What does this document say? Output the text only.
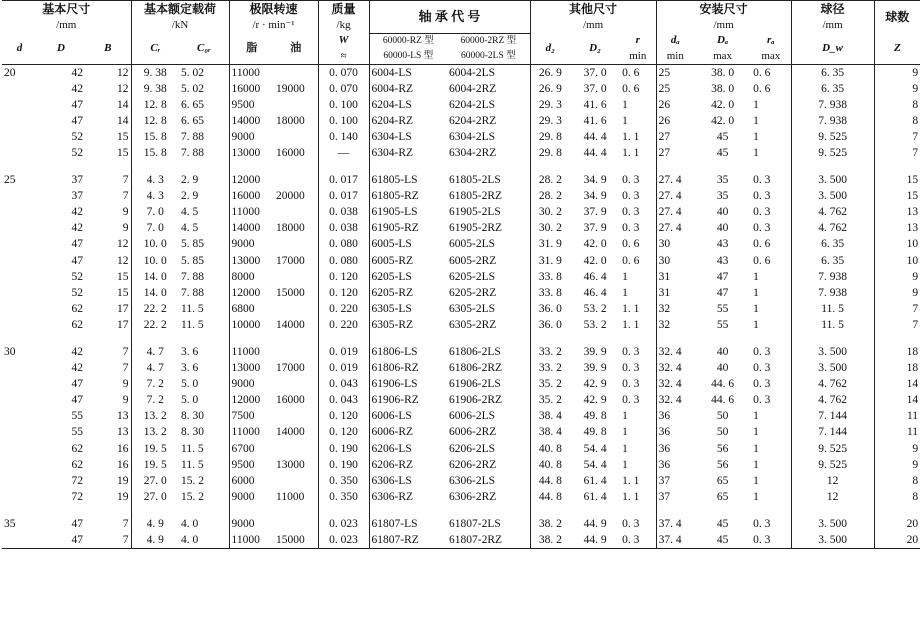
基本尺寸			基本额定载荷		极限转速		质量	轴 承 代 号		其他尺寸			安装尺寸			球径	球数
/mm			/kN		/r · min⁻¹		/kg			/mm			/mm			/mm	
d	D	B	Cᵣ	C₀ᵣ	脂	油	W	60000-RZ 型	60000-2RZ 型	d₂	D₂	r	dₐ	Dₐ	rₐ	D_w	Z
							≈	60000-LS 型	60000-2LS 型			min	min	max	max		
20	42	12	9. 38	5. 02	11000		0. 070	6004-LS	6004-2LS	26. 9	37. 0	0. 6	25	38. 0	0. 6	6. 35	9
	42	12	9. 38	5. 02	16000	19000	0. 070	6004-RZ	6004-2RZ	26. 9	37. 0	0. 6	25	38. 0	0. 6	6. 35	9
	47	14	12. 8	6. 65	9500		0. 100	6204-LS	6204-2LS	29. 3	41. 6	1	26	42. 0	1	7. 938	8
	47	14	12. 8	6. 65	14000	18000	0. 100	6204-RZ	6204-2RZ	29. 3	41. 6	1	26	42. 0	1	7. 938	8
	52	15	15. 8	7. 88	9000		0. 140	6304-LS	6304-2LS	29. 8	44. 4	1. 1	27	45	1	9. 525	7
	52	15	15. 8	7. 88	13000	16000	—	6304-RZ	6304-2RZ	29. 8	44. 4	1. 1	27	45	1	9. 525	7

25	37	7	4. 3	2. 9	12000		0. 017	61805-LS	61805-2LS	28. 2	34. 9	0. 3	27. 4	35	0. 3	3. 500	15
	37	7	4. 3	2. 9	16000	20000	0. 017	61805-RZ	61805-2RZ	28. 2	34. 9	0. 3	27. 4	35	0. 3	3. 500	15
	42	9	7. 0	4. 5	11000		0. 038	61905-LS	61905-2LS	30. 2	37. 9	0. 3	27. 4	40	0. 3	4. 762	13
	42	9	7. 0	4. 5	14000	18000	0. 038	61905-RZ	61905-2RZ	30. 2	37. 9	0. 3	27. 4	40	0. 3	4. 762	13
	47	12	10. 0	5. 85	9000		0. 080	6005-LS	6005-2LS	31. 9	42. 0	0. 6	30	43	0. 6	6. 35	10
	47	12	10. 0	5. 85	13000	17000	0. 080	6005-RZ	6005-2RZ	31. 9	42. 0	0. 6	30	43	0. 6	6. 35	10
	52	15	14. 0	7. 88	8000		0. 120	6205-LS	6205-2LS	33. 8	46. 4	1	31	47	1	7. 938	9
	52	15	14. 0	7. 88	12000	15000	0. 120	6205-RZ	6205-2RZ	33. 8	46. 4	1	31	47	1	7. 938	9
	62	17	22. 2	11. 5	6800		0. 220	6305-LS	6305-2LS	36. 0	53. 2	1. 1	32	55	1	11. 5	7
	62	17	22. 2	11. 5	10000	14000	0. 220	6305-RZ	6305-2RZ	36. 0	53. 2	1. 1	32	55	1	11. 5	7

30	42	7	4. 7	3. 6	11000		0. 019	61806-LS	61806-2LS	33. 2	39. 9	0. 3	32. 4	40	0. 3	3. 500	18
	42	7	4. 7	3. 6	13000	17000	0. 019	61806-RZ	61806-2RZ	33. 2	39. 9	0. 3	32. 4	40	0. 3	3. 500	18
	47	9	7. 2	5. 0	9000		0. 043	61906-LS	61906-2LS	35. 2	42. 9	0. 3	32. 4	44. 6	0. 3	4. 762	14
	47	9	7. 2	5. 0	12000	16000	0. 043	61906-RZ	61906-2RZ	35. 2	42. 9	0. 3	32. 4	44. 6	0. 3	4. 762	14
	55	13	13. 2	8. 30	7500		0. 120	6006-LS	6006-2LS	38. 4	49. 8	1	36	50	1	7. 144	11
	55	13	13. 2	8. 30	11000	14000	0. 120	6006-RZ	6006-2RZ	38. 4	49. 8	1	36	50	1	7. 144	11
	62	16	19. 5	11. 5	6700		0. 190	6206-LS	6206-2LS	40. 8	54. 4	1	36	56	1	9. 525	9
	62	16	19. 5	11. 5	9500	13000	0. 190	6206-RZ	6206-2RZ	40. 8	54. 4	1	36	56	1	9. 525	9
	72	19	27. 0	15. 2	6000		0. 350	6306-LS	6306-2LS	44. 8	61. 4	1. 1	37	65	1	12	8
	72	19	27. 0	15. 2	9000	11000	0. 350	6306-RZ	6306-2RZ	44. 8	61. 4	1. 1	37	65	1	12	8

35	47	7	4. 9	4. 0	9000		0. 023	61807-LS	61807-2LS	38. 2	44. 9	0. 3	37. 4	45	0. 3	3. 500	20
	47	7	4. 9	4. 0	11000	15000	0. 023	61807-RZ	61807-2RZ	38. 2	44. 9	0. 3	37. 4	45	0. 3	3. 500	20
